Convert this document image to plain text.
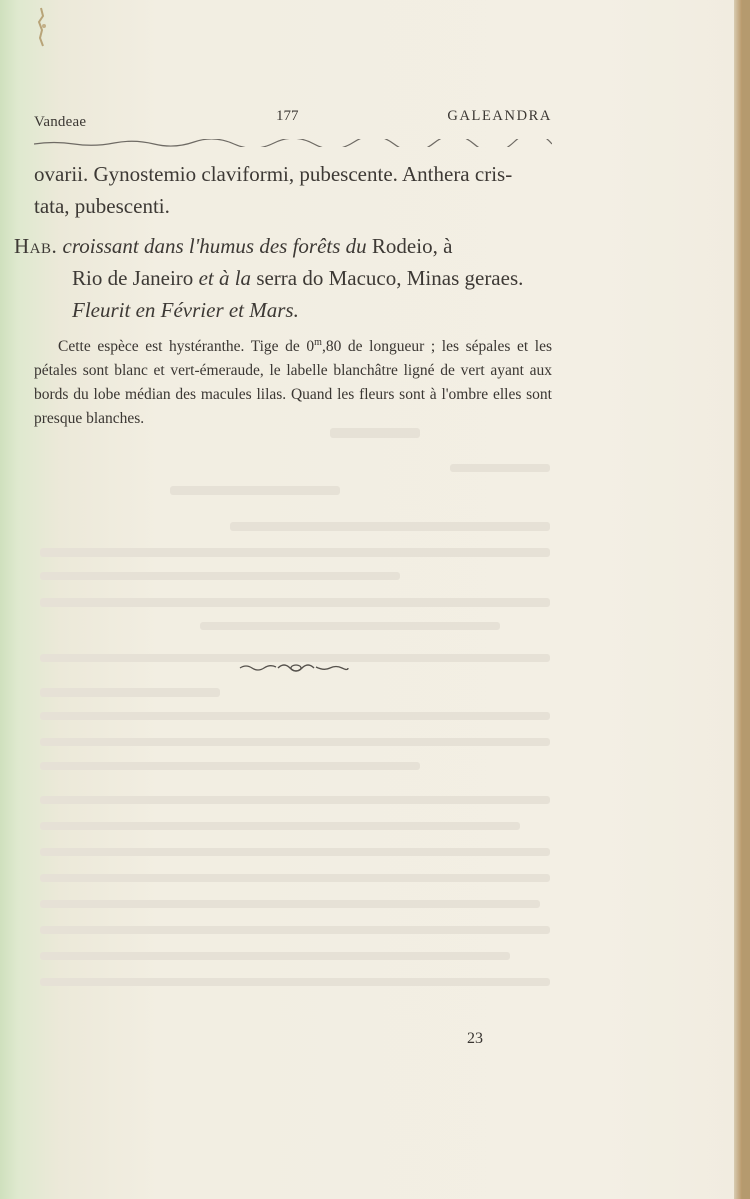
Vandeae	177	GALEANDRA
ovarii. Gynostemio claviformi, pubescente. Anthera cris-
tata, pubescenti.
Hab. croissant dans l'humus des forêts du Rodeio, à
Rio de Janeiro et à la serra do Macuco, Minas geraes.
Fleurit en Février et Mars.
Cette espèce est hystéranthe. Tige de 0$^m$,80 de longueur ; les sépales et les pétales sont blanc et vert-émeraude, le labelle blanchâtre ligné de vert ayant aux bords du lobe médian des macules lilas. Quand les fleurs sont à l'ombre elles sont presque blanches.
23
